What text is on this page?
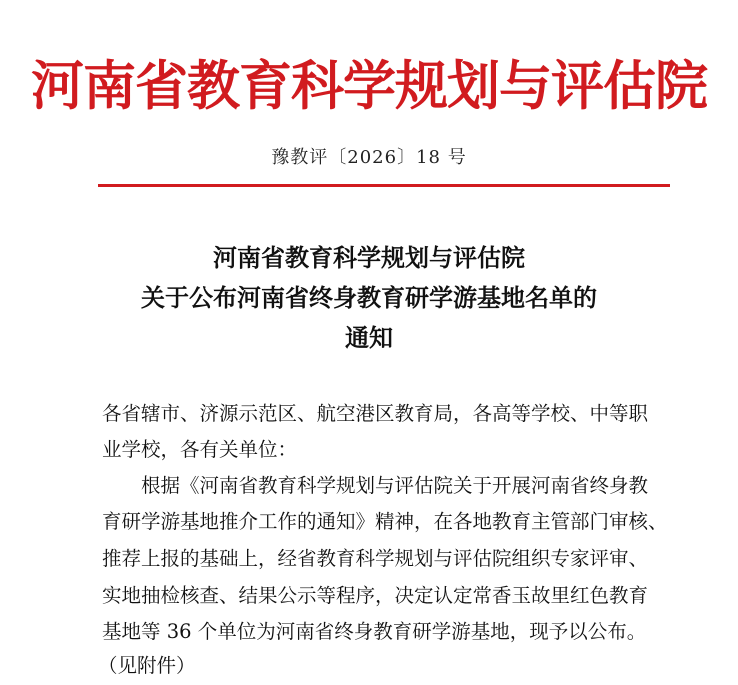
河南省教育科学规划与评估院
豫教评〔2026〕18 号
河南省教育科学规划与评估院
关于公布河南省终身教育研学游基地名单的
通知
各省辖市、济源示范区、航空港区教育局，各高等学校、中等职
业学校，各有关单位：
根据《河南省教育科学规划与评估院关于开展河南省终身教
育研学游基地推介工作的通知》精神，在各地教育主管部门审核、
推荐上报的基础上，经省教育科学规划与评估院组织专家评审、
实地抽检核查、结果公示等程序，决定认定常香玉故里红色教育
基地等 36 个单位为河南省终身教育研学游基地，现予以公布。
（见附件）
